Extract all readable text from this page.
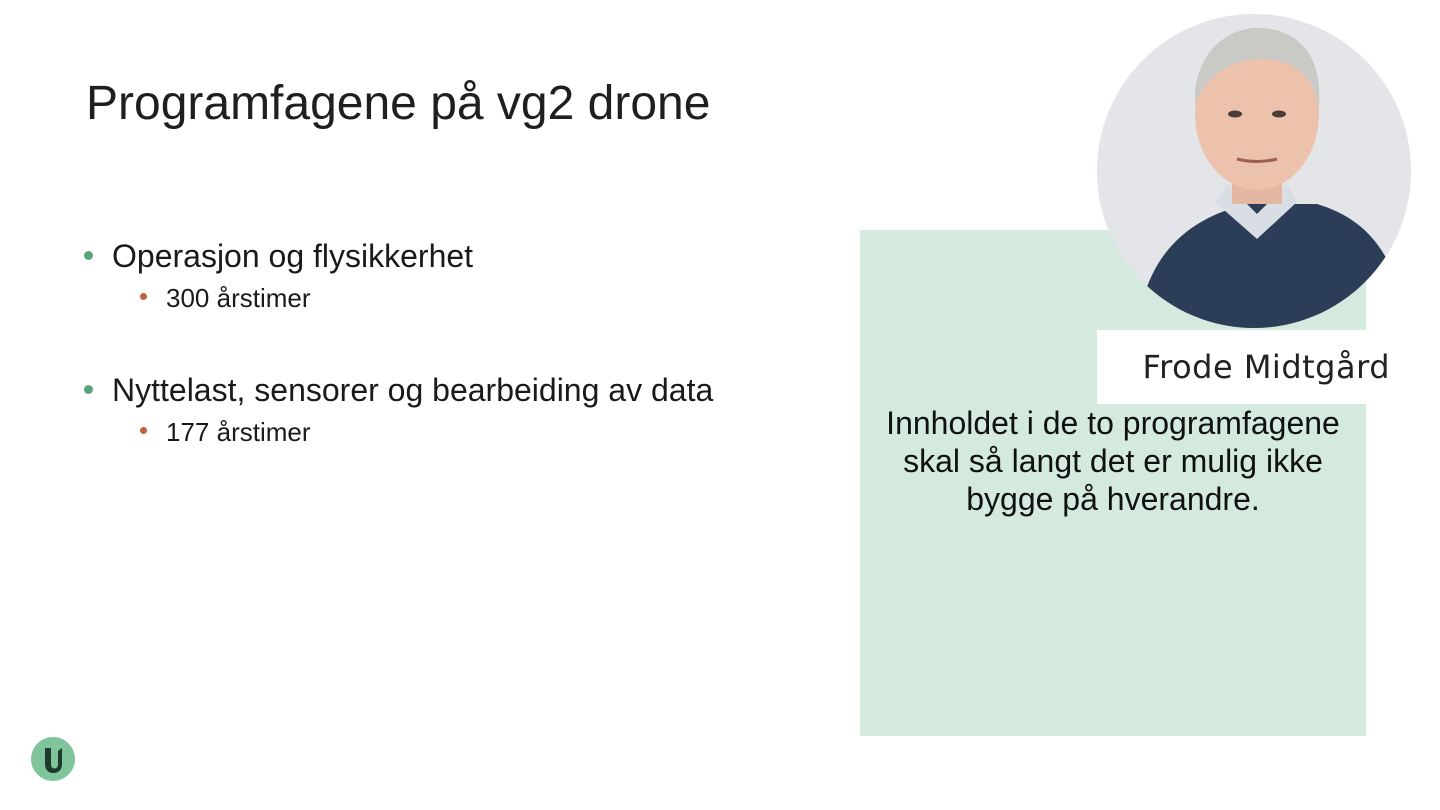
Programfagene på vg2 drone
Operasjon og flysikkerhet
300 årstimer
Nyttelast, sensorer og bearbeiding av data
177 årstimer	Innholdet i de to programfagene skal så langt det er mulig ikke bygge på hverandre.
Frode Midtgård
